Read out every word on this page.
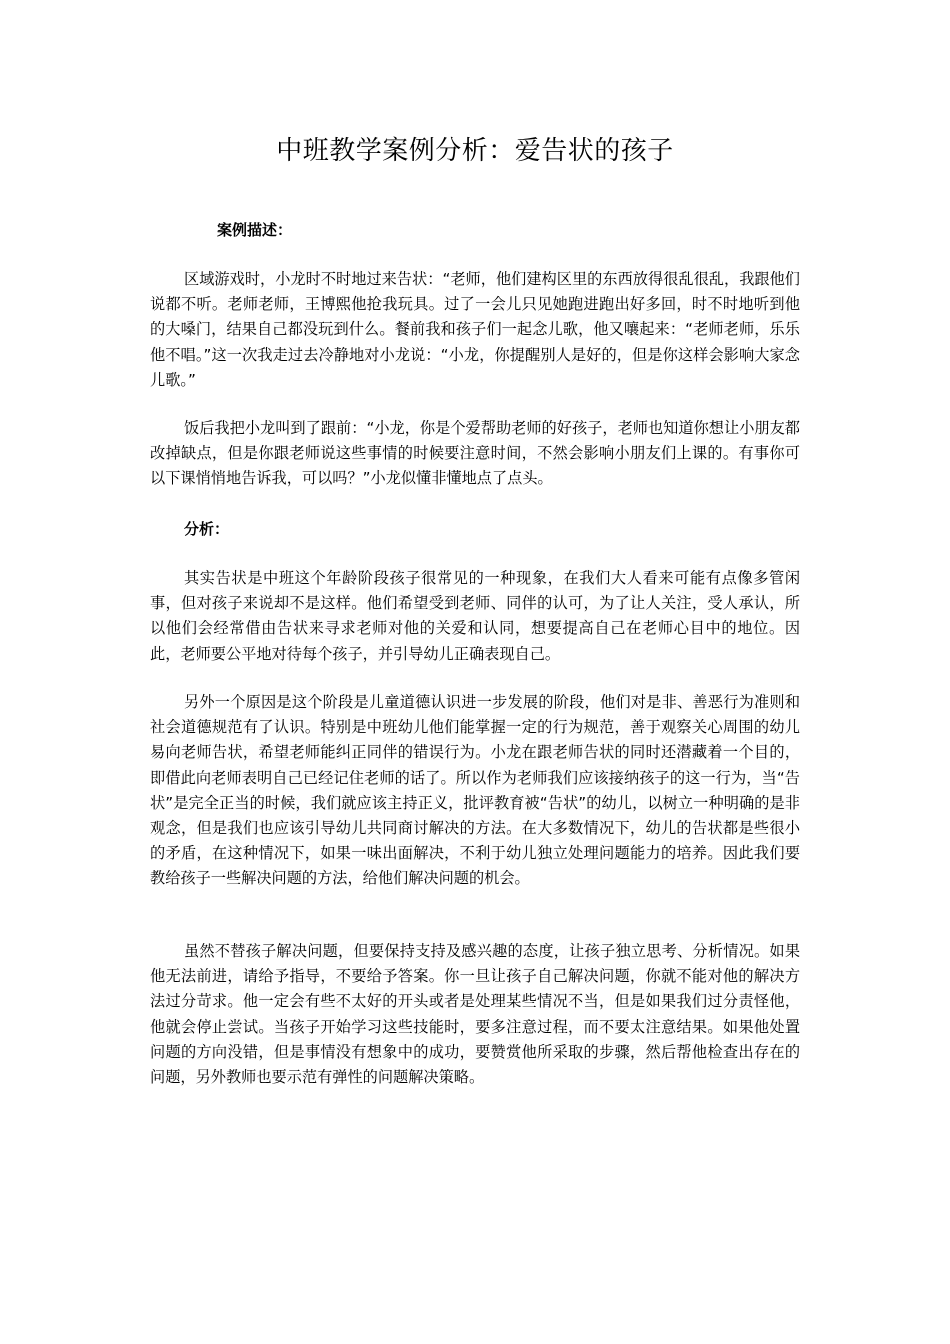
中班教学案例分析：爱告状的孩子

案例描述：

区域游戏时，小龙时不时地过来告状：“老师，他们建构区里的东西放得很乱很乱，我跟他们说都不听。老师老师，王博熙他抢我玩具。过了一会儿只见她跑进跑出好多回，时不时地听到他的大嗓门，结果自己都没玩到什么。餐前我和孩子们一起念儿歌，他又嚷起来：“老师老师，乐乐他不唱。”这一次我走过去冷静地对小龙说：“小龙，你提醒别人是好的，但是你这样会影响大家念儿歌。”

饭后我把小龙叫到了跟前：“小龙，你是个爱帮助老师的好孩子，老师也知道你想让小朋友都改掉缺点，但是你跟老师说这些事情的时候要注意时间，不然会影响小朋友们上课的。有事你可以下课悄悄地告诉我，可以吗？”小龙似懂非懂地点了点头。

分析：

其实告状是中班这个年龄阶段孩子很常见的一种现象，在我们大人看来可能有点像多管闲事，但对孩子来说却不是这样。他们希望受到老师、同伴的认可，为了让人关注，受人承认，所以他们会经常借由告状来寻求老师对他的关爱和认同，想要提高自己在老师心目中的地位。因此，老师要公平地对待每个孩子，并引导幼儿正确表现自己。

另外一个原因是这个阶段是儿童道德认识进一步发展的阶段，他们对是非、善恶行为准则和社会道德规范有了认识。特别是中班幼儿他们能掌握一定的行为规范，善于观察关心周围的幼儿易向老师告状，希望老师能纠正同伴的错误行为。小龙在跟老师告状的同时还潜藏着一个目的，即借此向老师表明自己已经记住老师的话了。所以作为老师我们应该接纳孩子的这一行为，当“告状”是完全正当的时候，我们就应该主持正义，批评教育被“告状”的幼儿，以树立一种明确的是非观念，但是我们也应该引导幼儿共同商讨解决的方法。在大多数情况下，幼儿的告状都是些很小的矛盾，在这种情况下，如果一味出面解决，不利于幼儿独立处理问题能力的培养。因此我们要教给孩子一些解决问题的方法，给他们解决问题的机会。

虽然不替孩子解决问题，但要保持支持及感兴趣的态度，让孩子独立思考、分析情况。如果他无法前进，请给予指导，不要给予答案。你一旦让孩子自己解决问题，你就不能对他的解决方法过分苛求。他一定会有些不太好的开头或者是处理某些情况不当，但是如果我们过分责怪他，他就会停止尝试。当孩子开始学习这些技能时，要多注意过程，而不要太注意结果。如果他处置问题的方向没错，但是事情没有想象中的成功，要赞赏他所采取的步骤，然后帮他检查出存在的问题，另外教师也要示范有弹性的问题解决策略。
